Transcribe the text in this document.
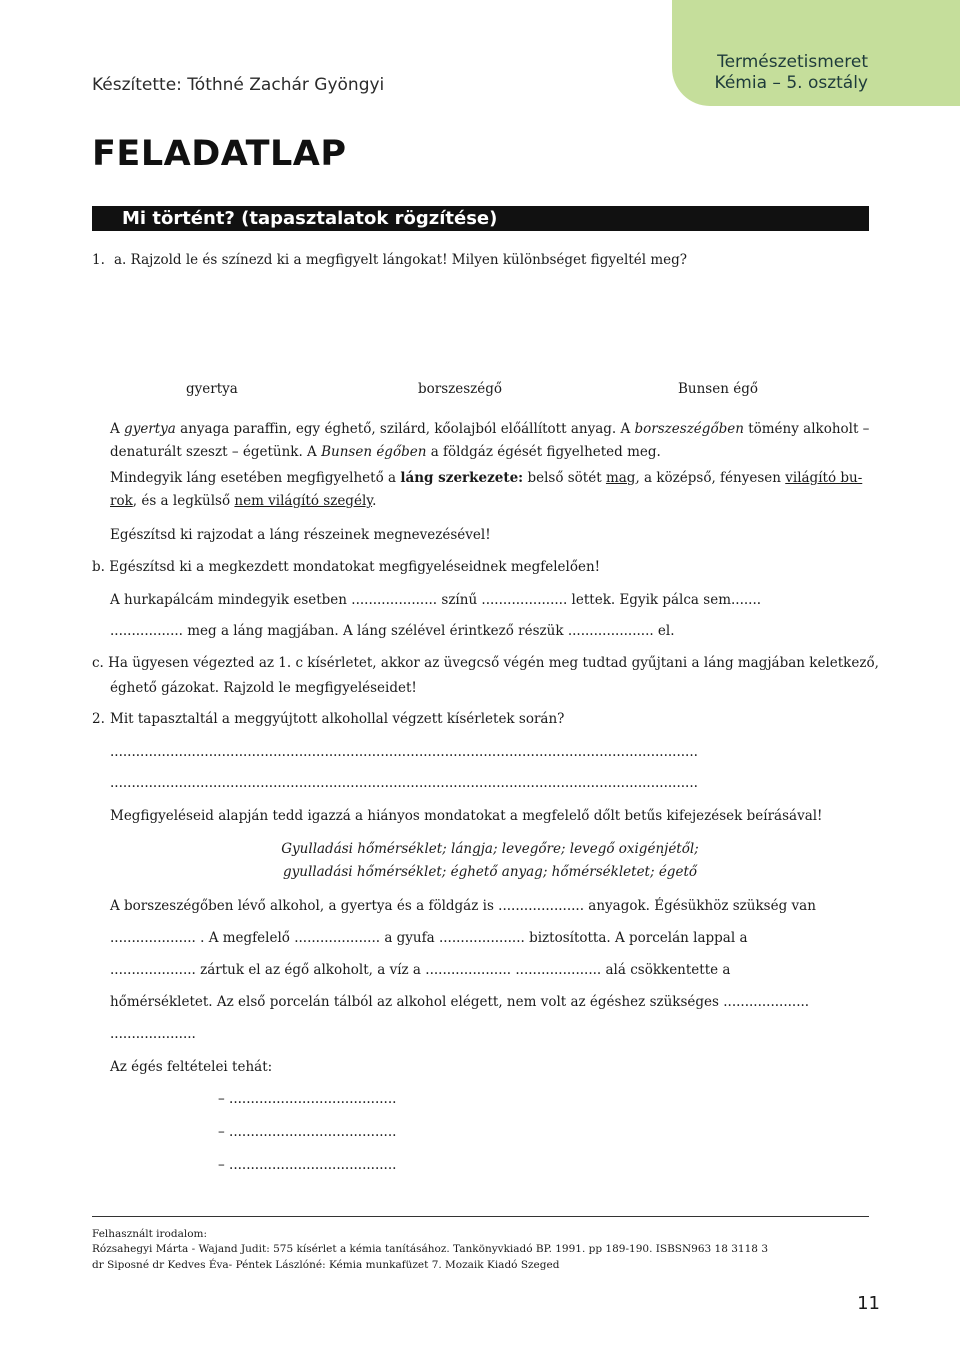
Készítette: Tóthné Zachár Gyöngyi
Természetismeret
Kémia – 5. osztály
FELADATLAP
Mi történt? (tapasztalatok rögzítése)
1. a. Rajzold le és színezd ki a megfigyelt lángokat! Milyen különbséget figyeltél meg?
gyertya	borszeszégő	Bunsen égő
A gyertya anyaga paraffin, egy éghető, szilárd, kőolajból előállított anyag. A borszeszégőben tömény alkoholt –
denaturált szeszt – égetünk. A Bunsen égőben a földgáz égését figyelheted meg.
Mindegyik láng esetében megfigyelhető a láng szerkezete: belső sötét mag, a középső, fényesen világító bu-
rok, és a legkülső nem világító szegély.
Egészítsd ki rajzodat a láng részeinek megnevezésével!
b. Egészítsd ki a megkezdett mondatokat megfigyeléseidnek megfelelően!
A hurkapálcám mindegyik esetben .................... színű .................... lettek. Egyik pálca sem.......
................. meg a láng magjában. A láng szélével érintkező részük .................... el.
c. Ha ügyesen végezted az 1. c kísérletet, akkor az üvegcső végén meg tudtad gyűjtani a láng magjában keletkező,
éghető gázokat. Rajzold le megfigyeléseidet!
2. Mit tapasztaltál a meggyújtott alkohollal végzett kísérletek során?
.........................................................................................................................................
.........................................................................................................................................
Megfigyeléseid alapján tedd igazzá a hiányos mondatokat a megfelelő dőlt betűs kifejezések beírásával!
Gyulladási hőmérséklet; lángja; levegőre; levegő oxigénjétől;
gyulladási hőmérséklet; éghető anyag; hőmérsékletet; égető
A borszeszégőben lévő alkohol, a gyertya és a földgáz is .................... anyagok. Égésükhöz szükség van
.................... . A megfelelő .................... a gyufa .................... biztosította. A porcelán lappal a
.................... zártuk el az égő alkoholt, a víz a .................... .................... alá csökkentette a
hőmérsékletet. Az első porcelán tálból az alkohol elégett, nem volt az égéshez szükséges ....................
....................
Az égés feltételei tehát:
– .......................................
– .......................................
– .......................................
Felhasznált irodalom:
Rózsahegyi Márta - Wajand Judit: 575 kísérlet a kémia tanításához. Tankönyvkiadó BP. 1991. pp 189-190. ISBSN963 18 3118 3
dr Siposné dr Kedves Éva- Péntek Lászlóné: Kémia munkafüzet 7. Mozaik Kiadó Szeged
11
